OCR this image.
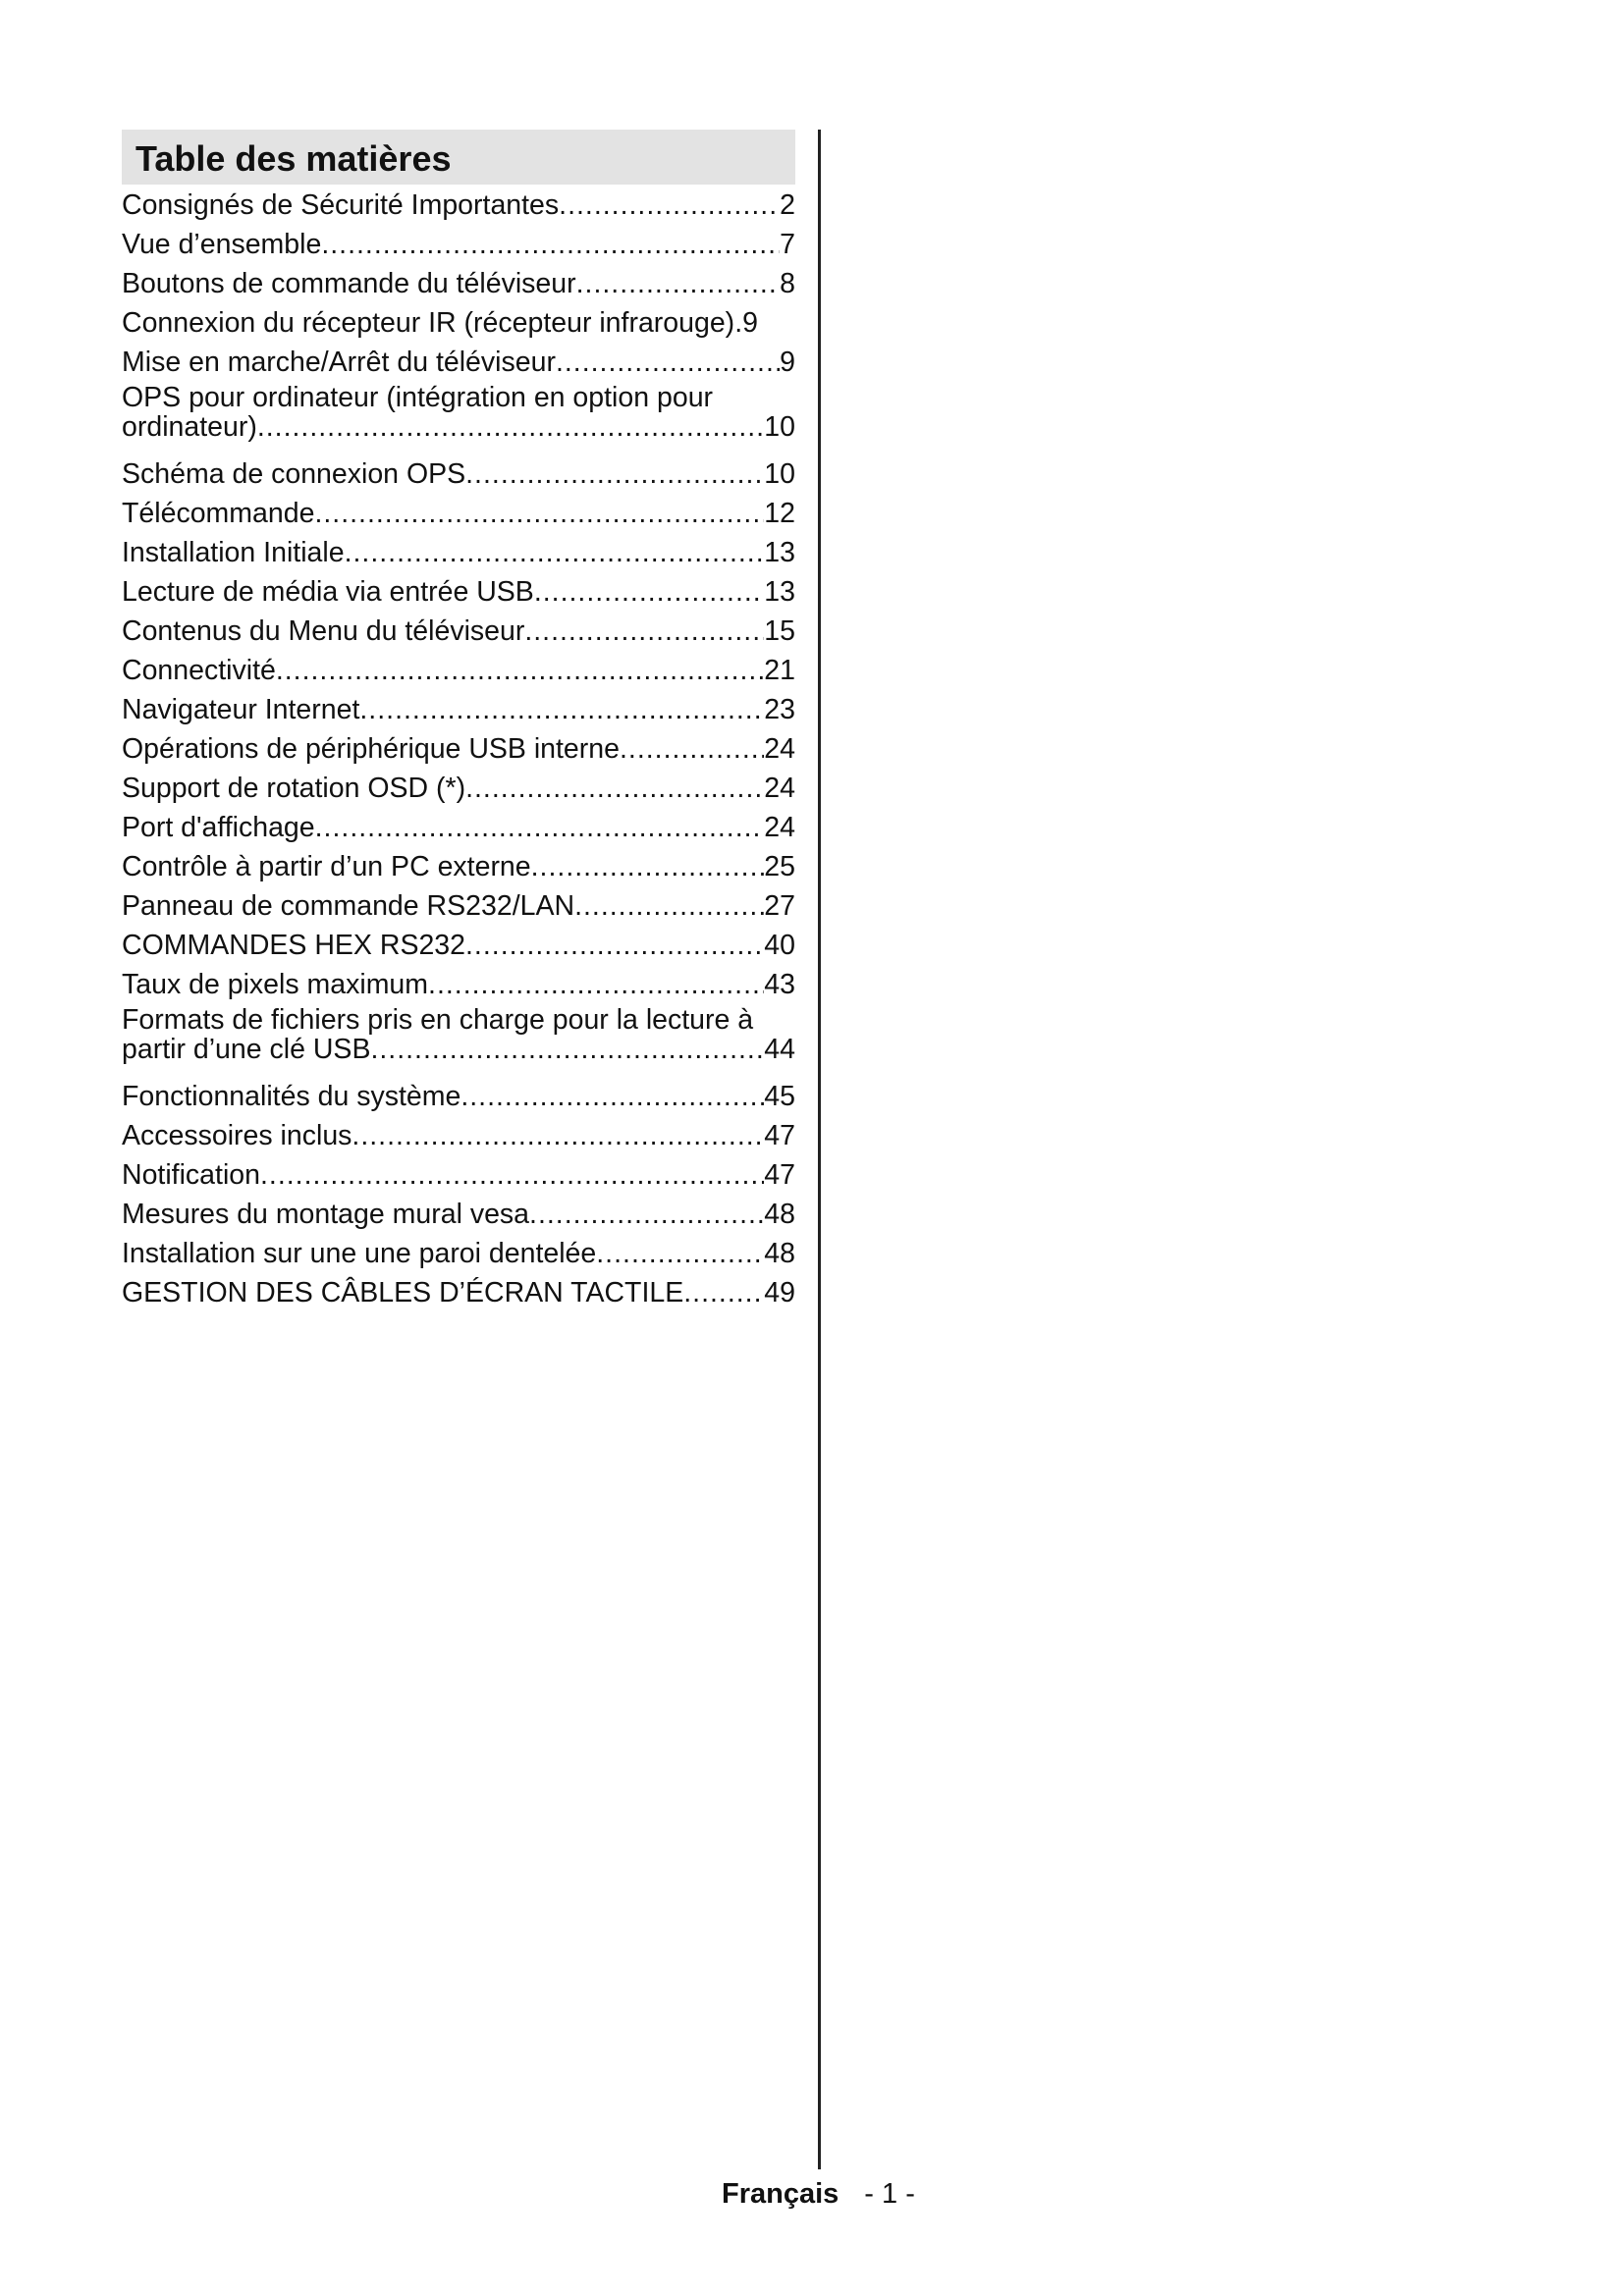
Table des matières
Consignés de Sécurité Importantes .....	2
Vue d’ensemble .....	7
Boutons de commande du téléviseur .....	8
Connexion du récepteur IR (récepteur infrarouge) .9
Mise en marche/Arrêt du téléviseur .....	9
OPS pour ordinateur (intégration en option pour
ordinateur) .....	10
Schéma de connexion OPS .....	10
Télécommande .....	12
Installation Initiale .....	13
Lecture de média via entrée USB .....	13
Contenus du Menu du téléviseur .....	15
Connectivité .....	21
Navigateur Internet .....	23
Opérations de périphérique USB interne .....	24
Support de rotation OSD (*) .....	24
Port d'affichage .....	24
Contrôle à partir d’un PC externe .....	25
Panneau de commande RS232/LAN .....	27
COMMANDES HEX RS232 .....	40
Taux de pixels maximum .....	43
Formats de fichiers pris en charge pour la lecture à
partir d’une clé USB .....	44
Fonctionnalités du système .....	45
Accessoires inclus .....	47
Notification .....	47
Mesures du montage mural vesa .....	48
Installation sur une une paroi dentelée .....	48
GESTION DES CÂBLES D’ÉCRAN TACTILE .....	49
Français - 1 -
